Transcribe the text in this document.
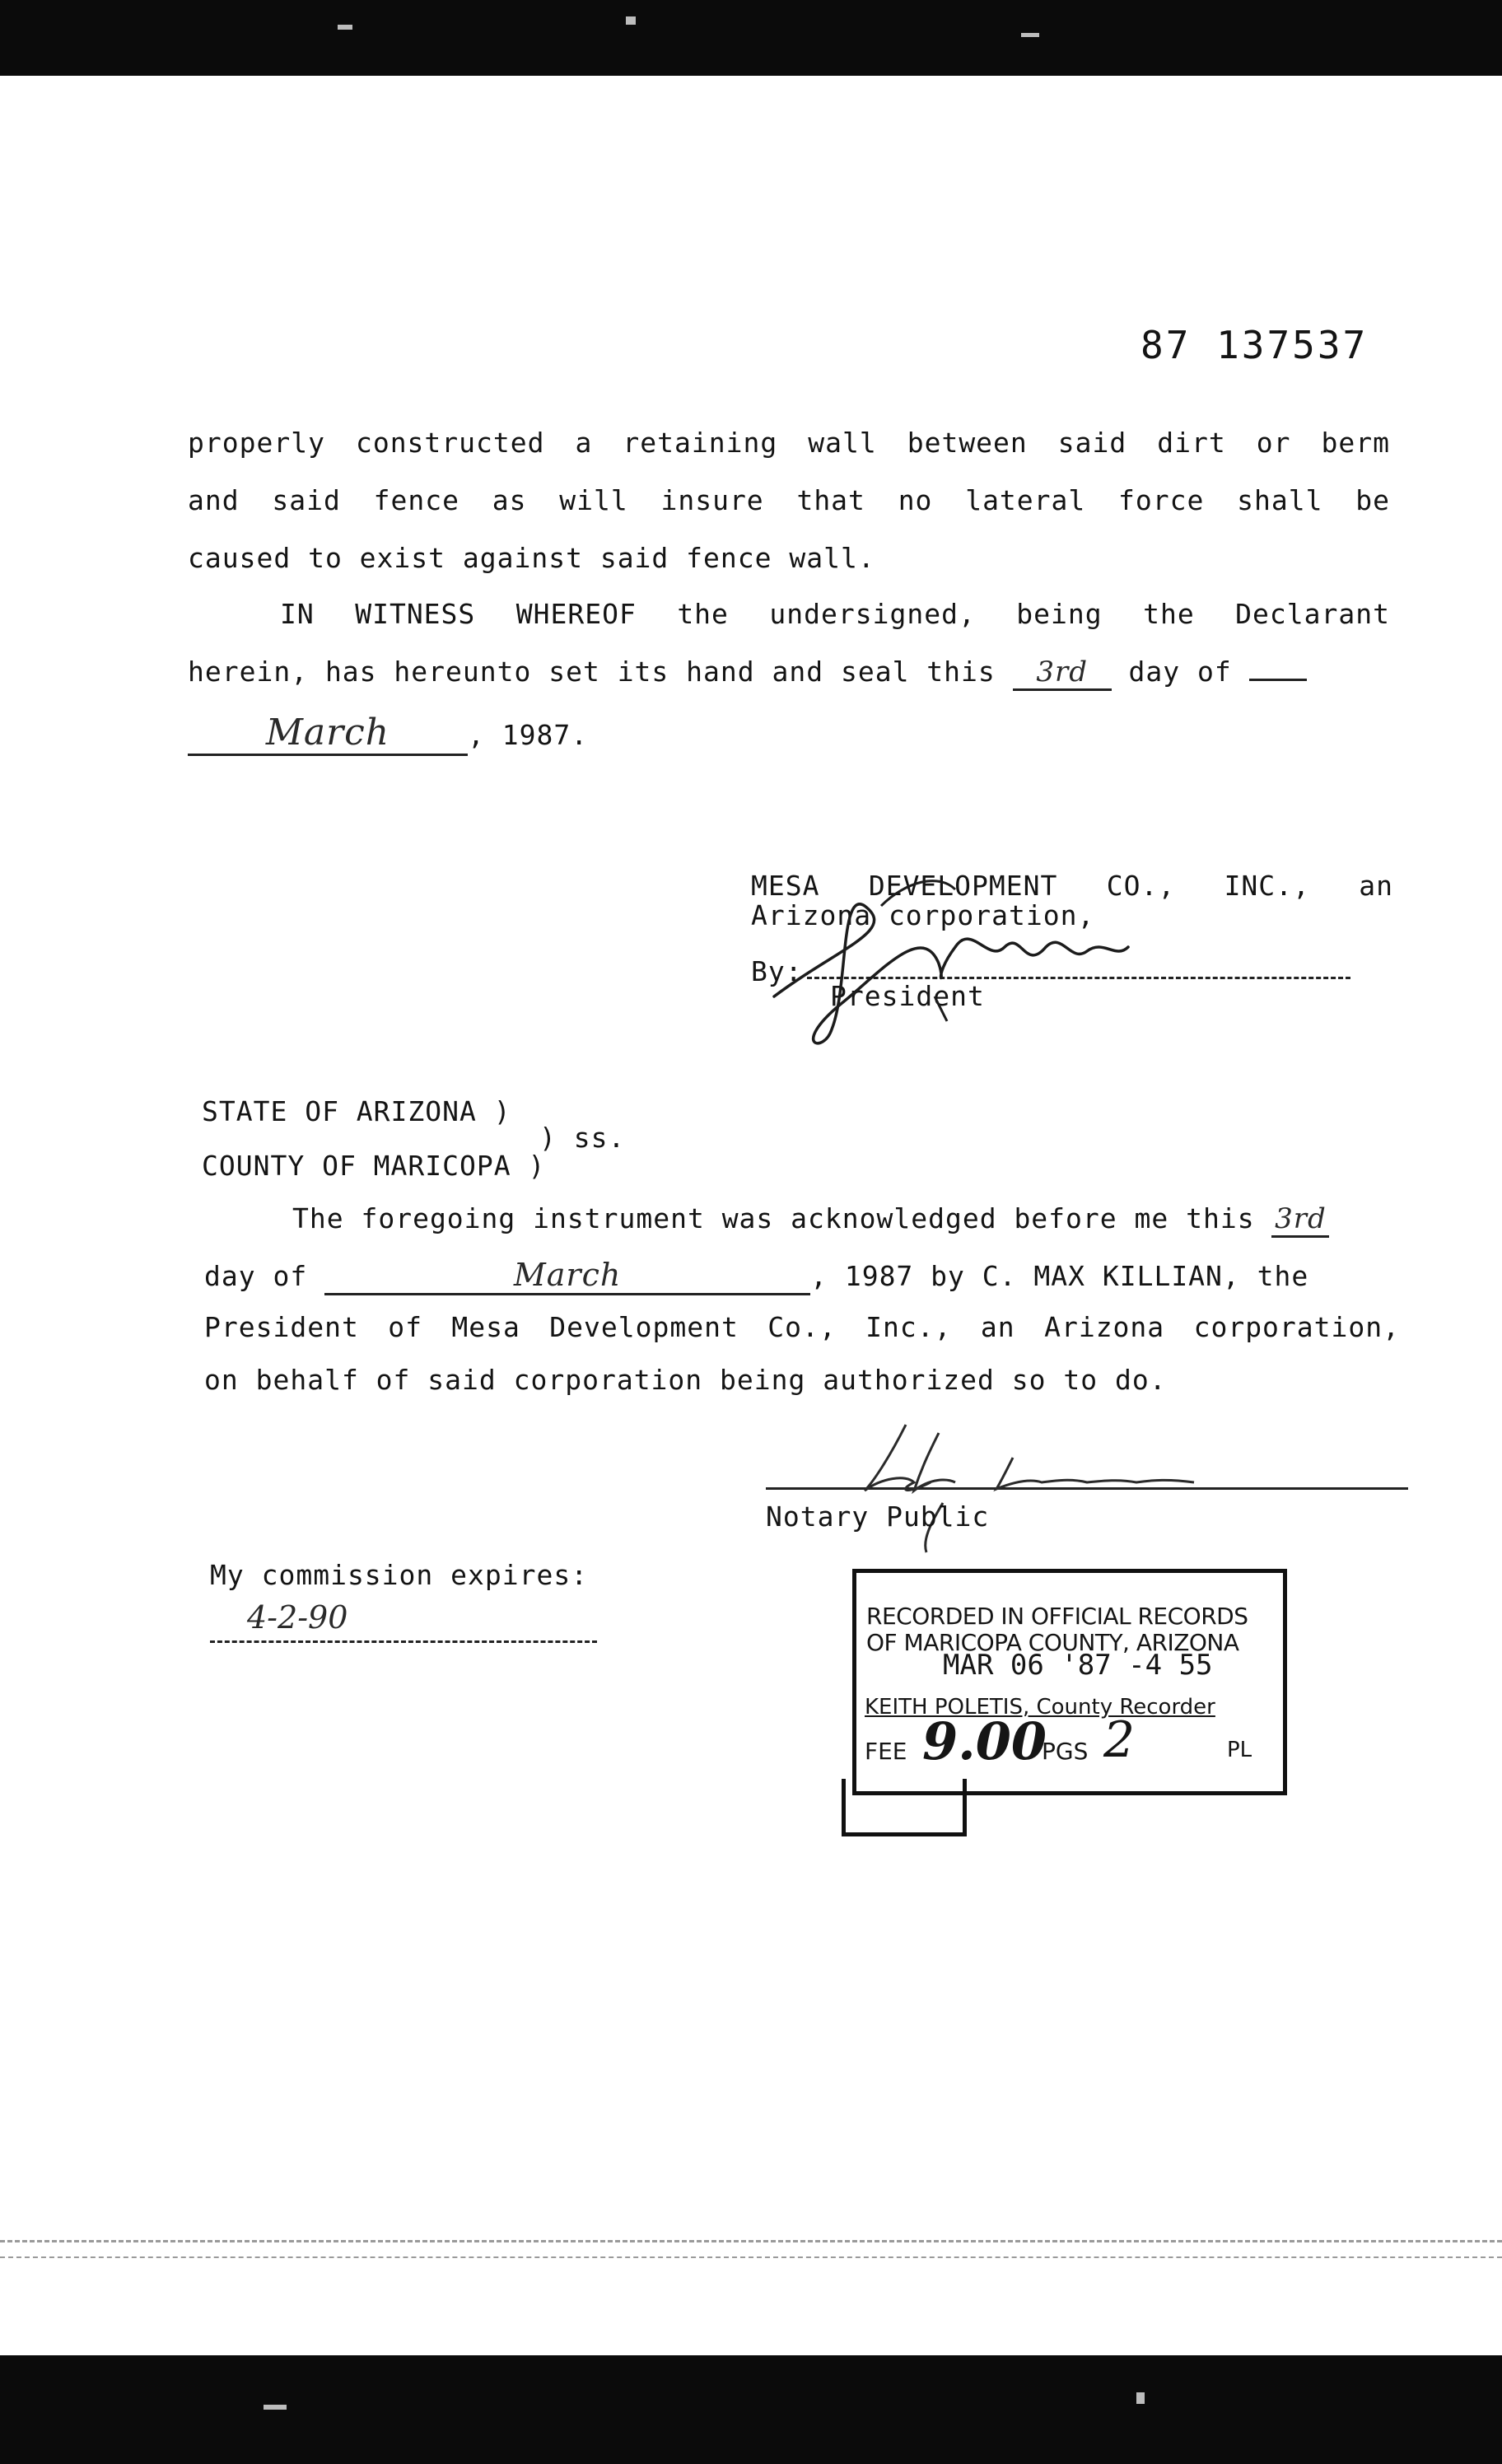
87 137537
properly constructed a retaining wall between said dirt or berm
and said fence as will insure that no lateral force shall be
caused to exist against said fence wall.
IN WITNESS WHEREOF the undersigned, being the Declarant
herein, has hereunto set its hand and seal this 3rd day of
March	, 1987.
MESA DEVELOPMENT CO., INC., an
Arizona corporation,
By:
President
STATE OF ARIZONA )
) ss.
COUNTY OF MARICOPA )
The foregoing instrument was acknowledged before me this 3rd
day of	March	, 1987 by C. MAX KILLIAN, the
President of Mesa Development Co., Inc., an Arizona corporation,
on behalf of said corporation being authorized so to do.
Notary Public
My commission expires:
4-2-90	RECORDED IN OFFICIAL RECORDS
OF MARICOPA COUNTY, ARIZONA
MAR 06 '87 -4 55
KEITH POLETIS, County Recorder
FEE 9.00
PGS 2	PL
